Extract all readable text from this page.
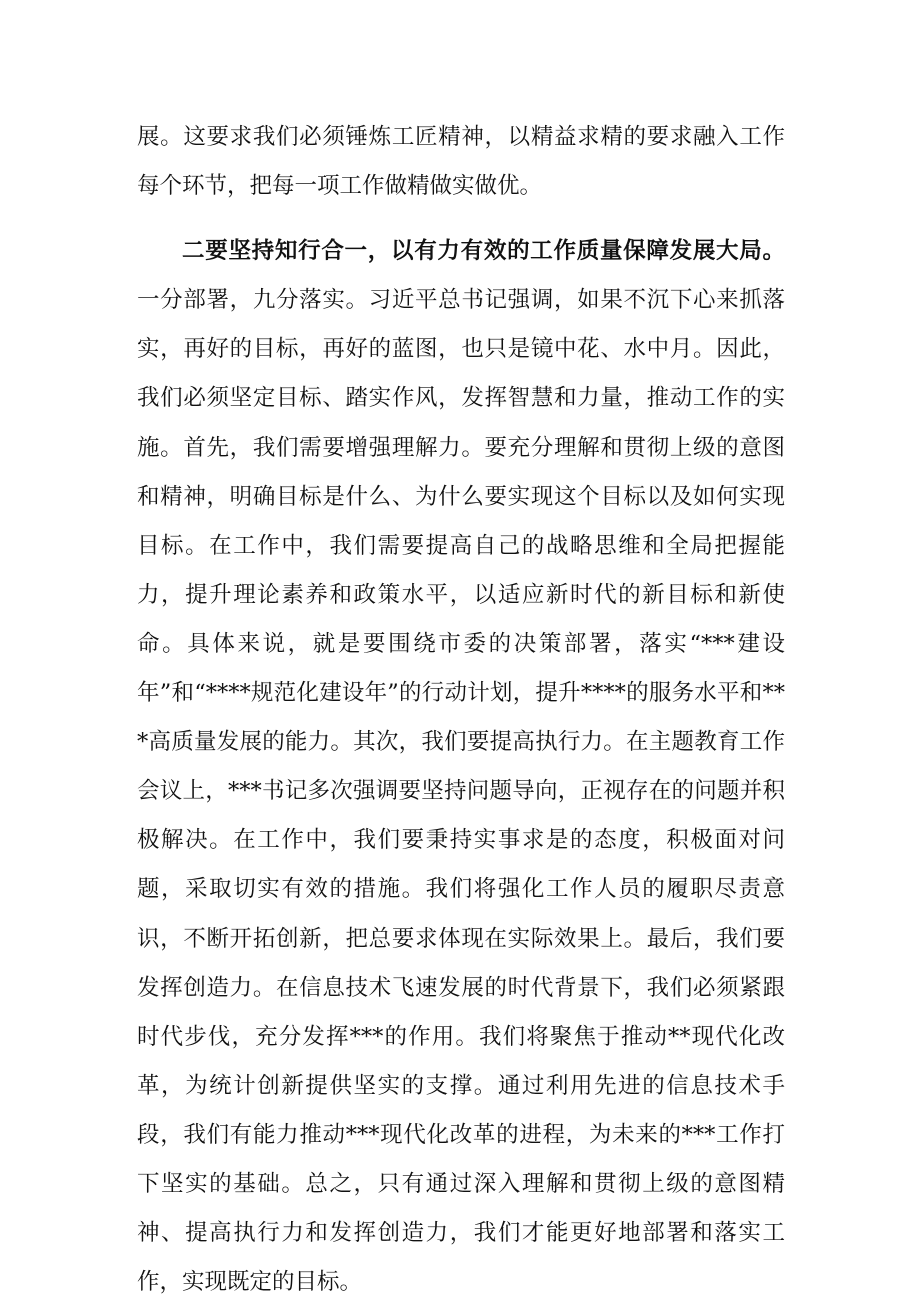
展。这要求我们必须锤炼工匠精神，以精益求精的要求融入工作每个环节，把每一项工作做精做实做优。

二要坚持知行合一，以有力有效的工作质量保障发展大局。一分部署，九分落实。习近平总书记强调，如果不沉下心来抓落实，再好的目标，再好的蓝图，也只是镜中花、水中月。因此，我们必须坚定目标、踏实作风，发挥智慧和力量，推动工作的实施。首先，我们需要增强理解力。要充分理解和贯彻上级的意图和精神，明确目标是什么、为什么要实现这个目标以及如何实现目标。在工作中，我们需要提高自己的战略思维和全局把握能力，提升理论素养和政策水平，以适应新时代的新目标和新使命。具体来说，就是要围绕市委的决策部署，落实“***建设年”和“****规范化建设年”的行动计划，提升****的服务水平和***高质量发展的能力。其次，我们要提高执行力。在主题教育工作会议上，***书记多次强调要坚持问题导向，正视存在的问题并积极解决。在工作中，我们要秉持实事求是的态度，积极面对问题，采取切实有效的措施。我们将强化工作人员的履职尽责意识，不断开拓创新，把总要求体现在实际效果上。最后，我们要发挥创造力。在信息技术飞速发展的时代背景下，我们必须紧跟时代步伐，充分发挥***的作用。我们将聚焦于推动**现代化改革，为统计创新提供坚实的支撑。通过利用先进的信息技术手段，我们有能力推动***现代化改革的进程，为未来的***工作打下坚实的基础。总之，只有通过深入理解和贯彻上级的意图精神、提高执行力和发挥创造力，我们才能更好地部署和落实工作，实现既定的目标。
